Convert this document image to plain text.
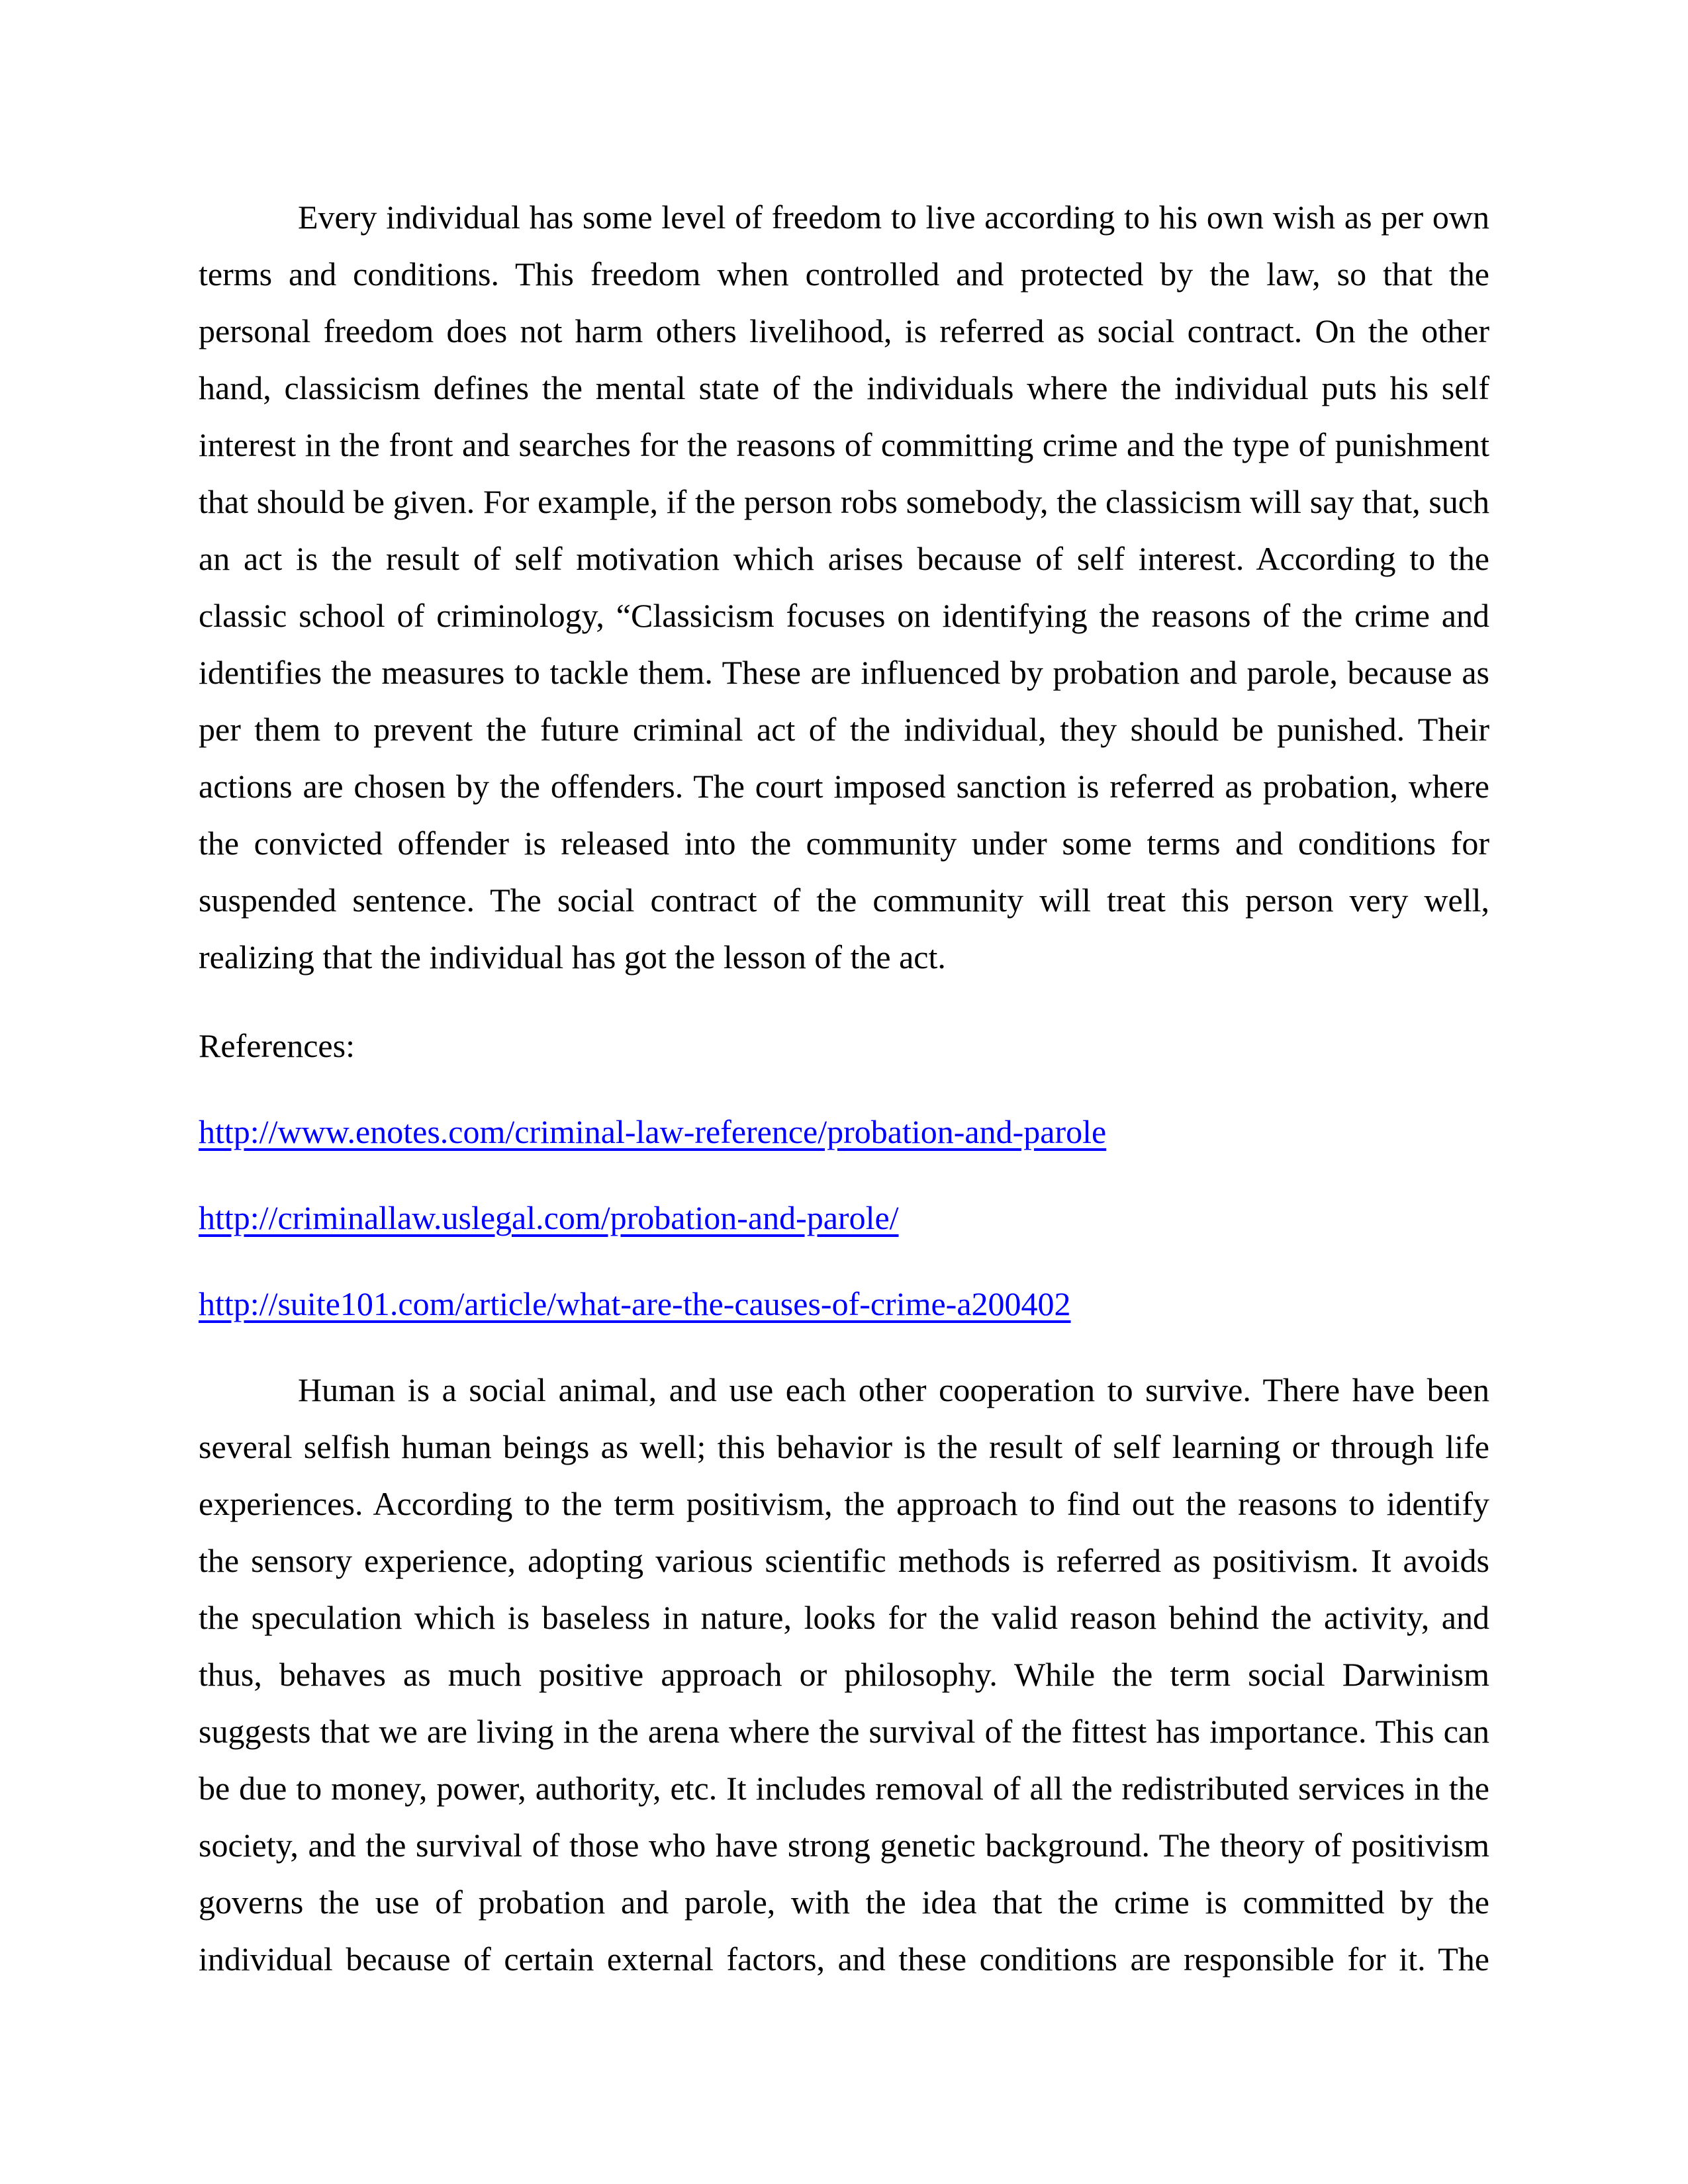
Every individual has some level of freedom to live according to his own wish as per own terms and conditions. This freedom when controlled and protected by the law, so that the personal freedom does not harm others livelihood, is referred as social contract. On the other hand, classicism defines the mental state of the individuals where the individual puts his self interest in the front and searches for the reasons of committing crime and the type of punishment that should be given. For example, if the person robs somebody, the classicism will say that, such an act is the result of self motivation which arises because of self interest. According to the classic school of criminology, “Classicism focuses on identifying the reasons of the crime and identifies the measures to tackle them. These are influenced by probation and parole, because as per them to prevent the future criminal act of the individual, they should be punished. Their actions are chosen by the offenders. The court imposed sanction is referred as probation, where the convicted offender is released into the community under some terms and conditions for suspended sentence. The social contract of the community will treat this person very well, realizing that the individual has got the lesson of the act.

References:

http://www.enotes.com/criminal-law-reference/probation-and-parole

http://criminallaw.uslegal.com/probation-and-parole/

http://suite101.com/article/what-are-the-causes-of-crime-a200402

Human is a social animal, and use each other cooperation to survive. There have been several selfish human beings as well; this behavior is the result of self learning or through life experiences. According to the term positivism, the approach to find out the reasons to identify the sensory experience, adopting various scientific methods is referred as positivism. It avoids the speculation which is baseless in nature, looks for the valid reason behind the activity, and thus, behaves as much positive approach or philosophy. While the term social Darwinism suggests that we are living in the arena where the survival of the fittest has importance. This can be due to money, power, authority, etc. It includes removal of all the redistributed services in the society, and the survival of those who have strong genetic background. The theory of positivism governs the use of probation and parole, with the idea that the crime is committed by the individual because of certain external factors, and these conditions are responsible for it. The
